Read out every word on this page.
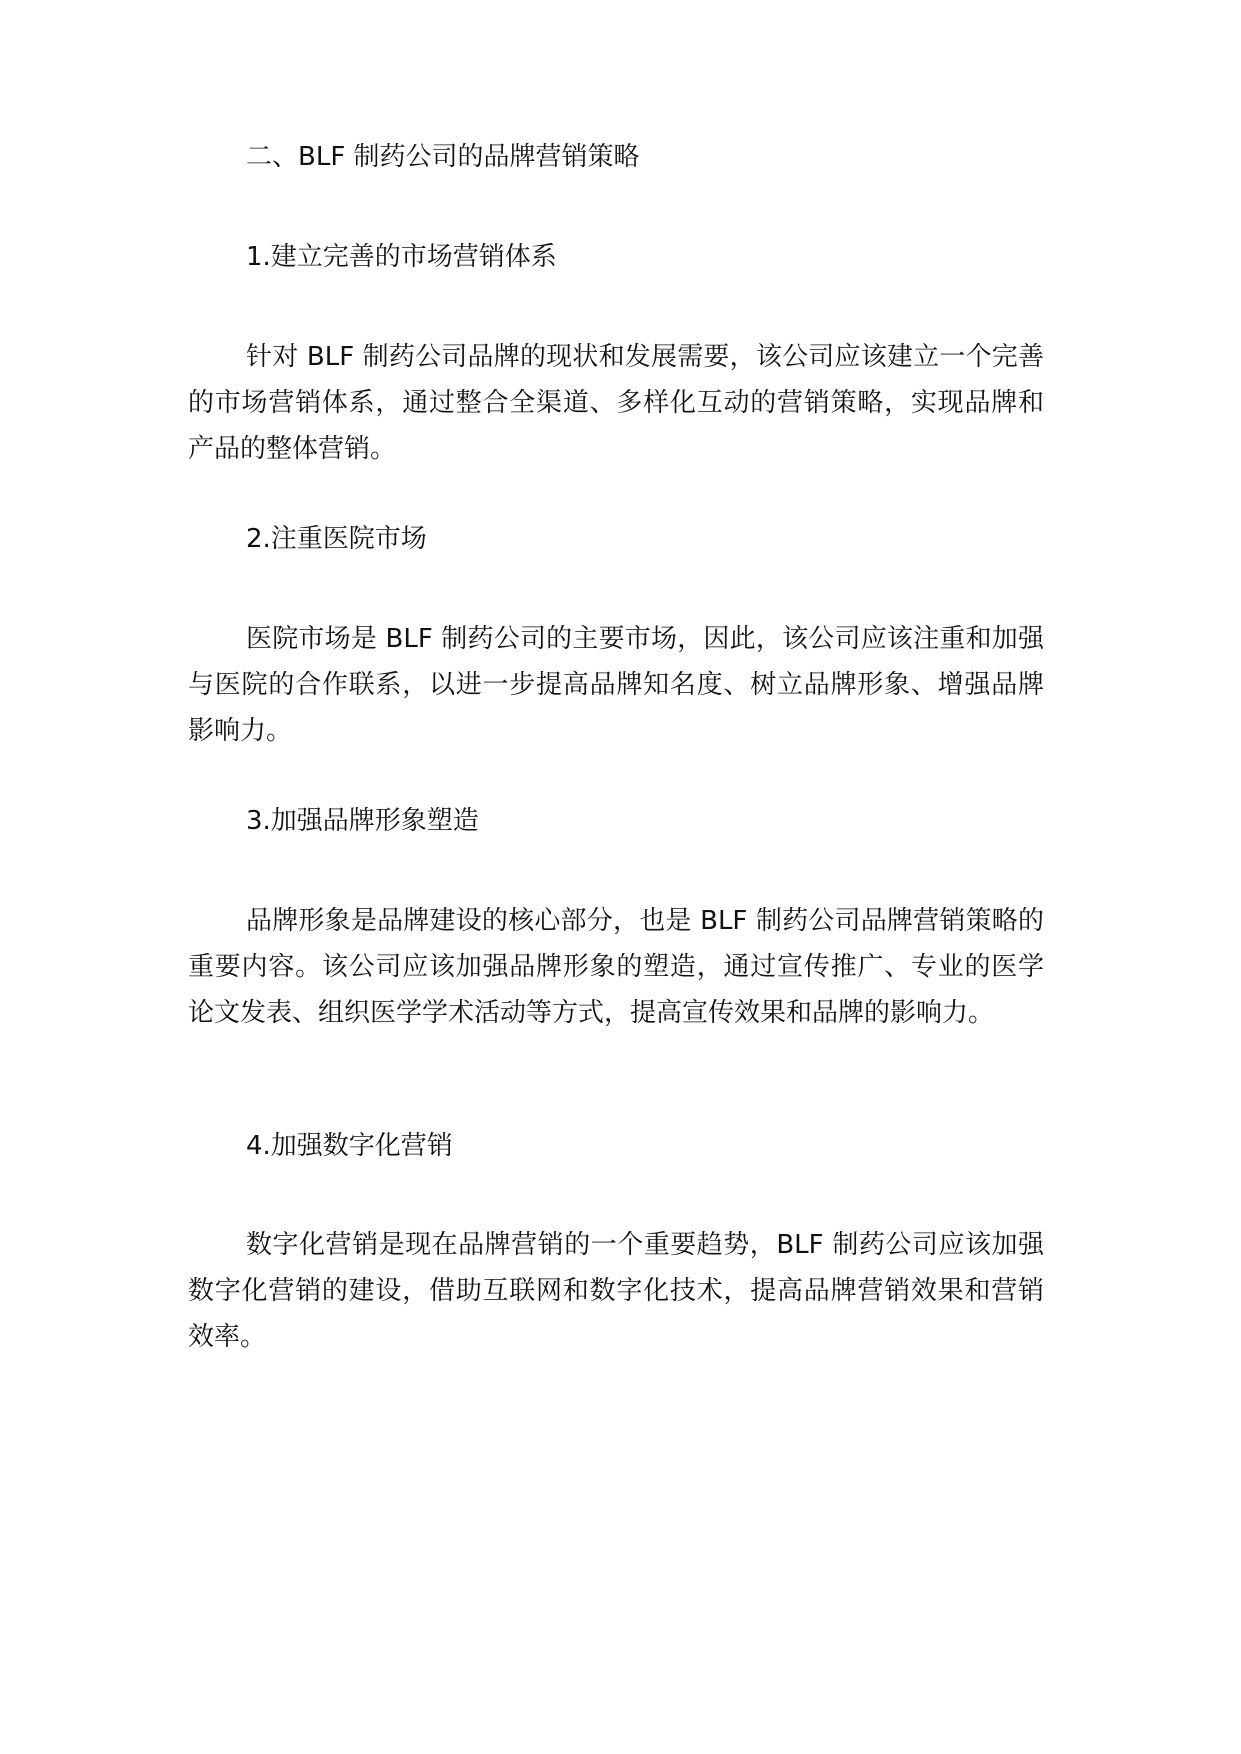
二、BLF 制药公司的品牌营销策略
1.建立完善的市场营销体系
针对 BLF 制药公司品牌的现状和发展需要，该公司应该建立一个完善的市场营销体系，通过整合全渠道、多样化互动的营销策略，实现品牌和产品的整体营销。
2.注重医院市场
医院市场是 BLF 制药公司的主要市场，因此，该公司应该注重和加强与医院的合作联系，以进一步提高品牌知名度、树立品牌形象、增强品牌影响力。
3.加强品牌形象塑造
品牌形象是品牌建设的核心部分，也是 BLF 制药公司品牌营销策略的重要内容。该公司应该加强品牌形象的塑造，通过宣传推广、专业的医学论文发表、组织医学学术活动等方式，提高宣传效果和品牌的影响力。
4.加强数字化营销
数字化营销是现在品牌营销的一个重要趋势，BLF 制药公司应该加强数字化营销的建设，借助互联网和数字化技术，提高品牌营销效果和营销效率。
